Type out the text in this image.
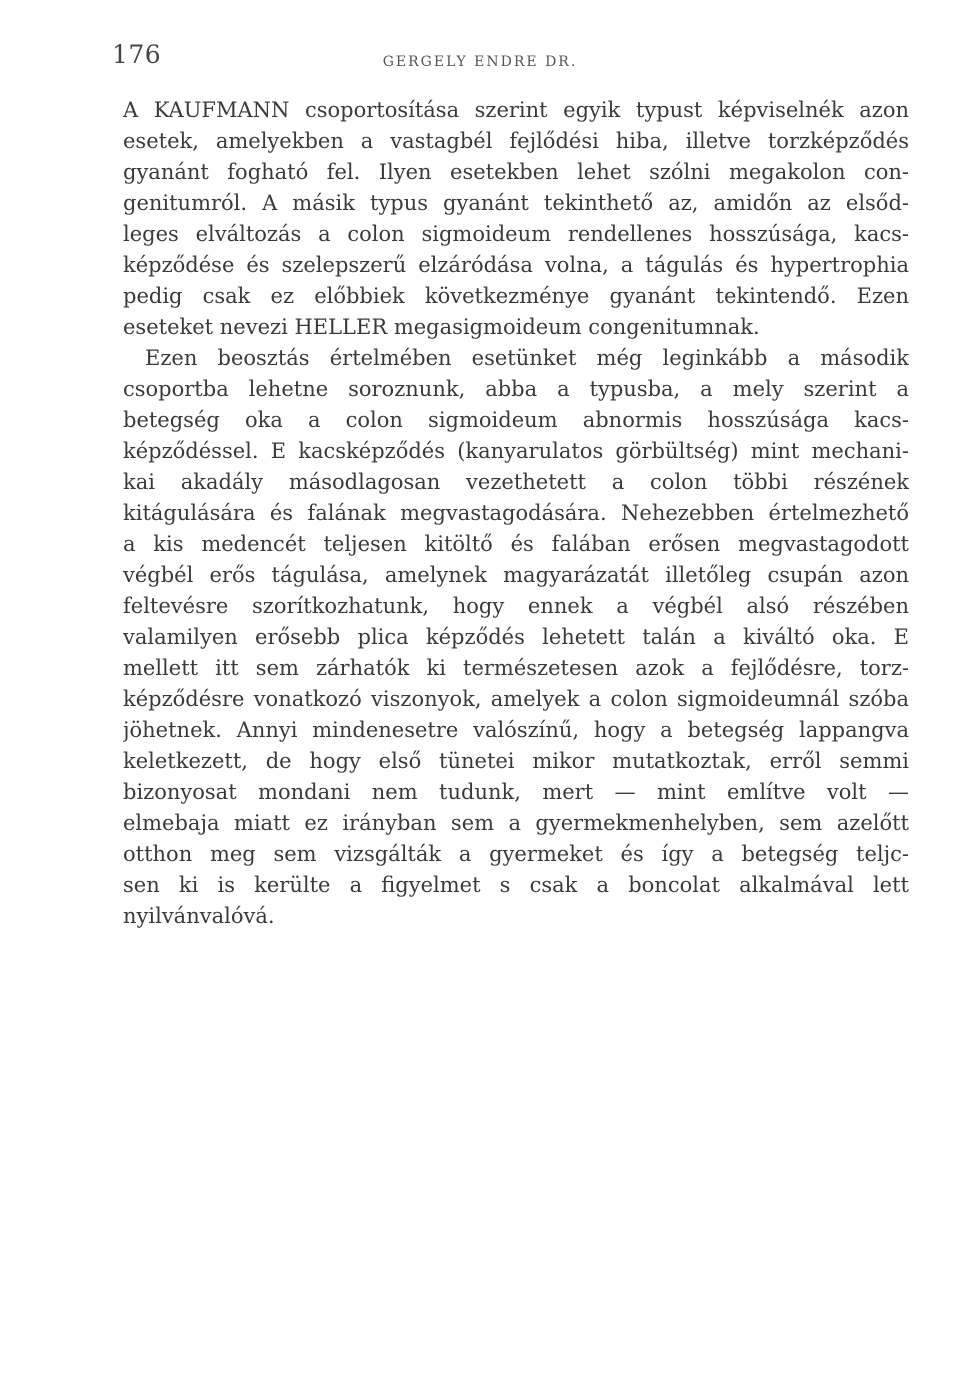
176	GERGELY ENDRE DR.
A KAUFMANN csoportosítása szerint egyik typust képviselnék azon
esetek, amelyekben a vastagbél fejlődési hiba, illetve torzképződés
gyanánt fogható fel. Ilyen esetekben lehet szólni megakolon con-
genitumról. A másik typus gyanánt tekinthető az, amidőn az elsőd-
leges elváltozás a colon sigmoideum rendellenes hosszúsága, kacs-
képződése és szelepszerű elzáródása volna, a tágulás és hypertrophia
pedig csak ez előbbiek következménye gyanánt tekintendő. Ezen
eseteket nevezi HELLER megasigmoideum congenitumnak.
Ezen beosztás értelmében esetünket még leginkább a második
csoportba lehetne soroznunk, abba a typusba, a mely szerint a
betegség oka a colon sigmoideum abnormis hosszúsága kacs-
képződéssel. E kacsképződés (kanyarulatos görbültség) mint mechani-
kai akadály másodlagosan vezethetett a colon többi részének
kitágulására és falának megvastagodására. Nehezebben értelmezhető
a kis medencét teljesen kitöltő és falában erősen megvastagodott
végbél erős tágulása, amelynek magyarázatát illetőleg csupán azon
feltevésre szorítkozhatunk, hogy ennek a végbél alsó részében
valamilyen erősebb plica képződés lehetett talán a kiváltó oka. E
mellett itt sem zárhatók ki természetesen azok a fejlődésre, torz-
képződésre vonatkozó viszonyok, amelyek a colon sigmoideumnál szóba
jöhetnek. Annyi mindenesetre valószínű, hogy a betegség lappangva
keletkezett, de hogy első tünetei mikor mutatkoztak, erről semmi
bizonyosat mondani nem tudunk, mert — mint említve volt —
elmebaja miatt ez irányban sem a gyermekmenhelyben, sem azelőtt
otthon meg sem vizsgálták a gyermeket és így a betegség teljc-
sen ki is kerülte a figyelmet s csak a boncolat alkalmával lett
nyilvánvalóvá.
